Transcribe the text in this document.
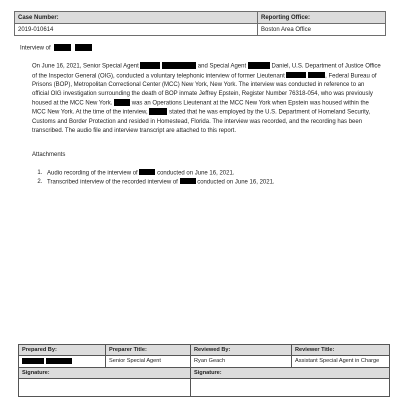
Case Number:	Reporting Office:
2019-010614	Boston Area Office
Interview of

On June 16, 2021, Senior Special Agent	and Special Agent	Daniel, U.S. Department of Justice Office of the Inspector General (OIG), conducted a voluntary telephonic interview of former Lieutenant	, Federal Bureau of Prisons (BOP), Metropolitan Correctional Center (MCC) New York, New York. The interview was conducted in reference to an official OIG investigation surrounding the death of BOP inmate Jeffrey Epstein, Register Number 76318-054, who was previously housed at the MCC New York.	was an Operations Lieutenant at the MCC New York when Epstein was housed within the MCC New York. At the time of the interview,	stated that he was employed by the U.S. Department of Homeland Security, Customs and Border Protection and resided in Homestead, Florida. The interview was recorded, and the recording has been transcribed. The audio file and interview transcript are attached to this report.

Attachments
1. Audio recording of the interview of	conducted on June 16, 2021.
2. Transcribed interview of the recorded interview of	conducted on June 16, 2021.
Prepared By:	Preparer Title:	Reviewed By:	Reviewer Title:
	Senior Special Agent	Ryan Geach	Assistant Special Agent in Charge
Signature:		Signature:	
